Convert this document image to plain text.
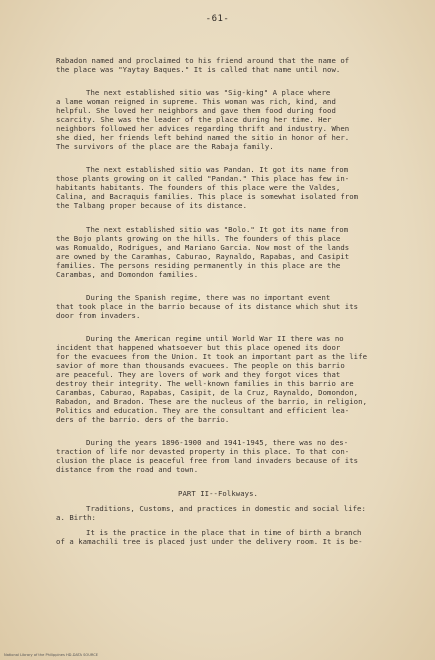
-61-
Rabadon named and proclaimed to his friend around that the name of
the place was "Yaytay Baques." It is called that name until now.
The next established sitio was "Sig-king" A place where
a lame woman reigned in supreme. This woman was rich, kind, and
helpful. She loved her neighbors and gave them food during food
scarcity. She was the leader of the place during her time. Her
neighbors followed her advices regarding thrift and industry. When
she died, her friends left behind named the sitio in honor of her.
The survivors of the place are the Rabaja family.
The next established sitio was Pandan. It got its name from
those plants growing on it called "Pandan." This place has few in-
habitants habitants. The founders of this place were the Valdes,
Calina, and Bacraquis families. This place is somewhat isolated from
the Talbang proper because of its distance.
The next established sitio was "Bolo." It got its name from
the Bojo plants growing on the hills. The founders of this place
was Romualdo, Rodrigues, and Mariano Garcia. Now most of the lands
are owned by the Caramhas, Caburao, Raynaldo, Rapabas, and Casipit
families. The persons residing permanently in this place are the
Carambas, and Domondon families.
During the Spanish regime, there was no important event
that took place in the barrio because of its distance which shut its
door from invaders.
During the American regime until World War II there was no
incident that happened whatsoever but this place opened its door
for the evacuees from the Union. It took an important part as the life
savior of more than thousands evacuees. The people on this barrio
are peaceful. They are lovers of work and they forgot vices that
destroy their integrity. The well-known families in this barrio are
Carambas, Caburao, Rapabas, Casipit, de la Cruz, Raynaldo, Domondon,
Rabadon, and Bradon. These are the nucleus of the barrio, in religion,
Politics and education. They are the consultant and efficient lea-
ders of the barrio. ders of the barrio.
During the years 1896-1900 and 1941-1945, there was no des-
traction of life nor devasted property in this place. To that con-
clusion the place is peaceful free from land invaders because of its
distance from the road and town.
PART II--Folkways.
Traditions, Customs, and practices in domestic and social life:
a. Birth:
It is the practice in the place that in time of birth a branch
of a kamachili tree is placed just under the delivery room. It is be-
National Library of the Philippines HD-DATA SOURCE
